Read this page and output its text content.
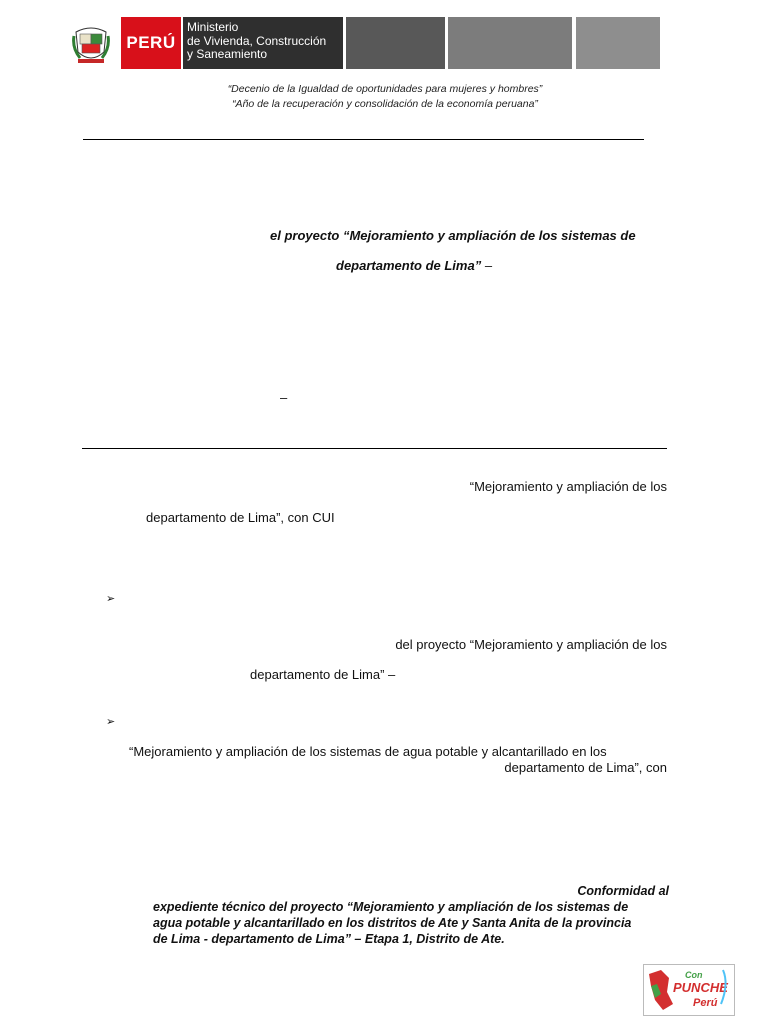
PERÚ
Ministerio
de Vivienda, Construcción
y Saneamiento
“Decenio de la Igualdad de oportunidades para mujeres y hombres”
“Año de la recuperación y consolidación de la economía peruana”
el proyecto “Mejoramiento y ampliación de los sistemas de
departamento de Lima” –
–
“Mejoramiento y ampliación de los
departamento de Lima”, con CUI
➢
del proyecto “Mejoramiento y ampliación de los
departamento de Lima” –
➢
“Mejoramiento y ampliación de los sistemas de agua potable y alcantarillado en los
departamento de Lima”, con
Conformidad al
expediente técnico del proyecto “Mejoramiento y ampliación de los sistemas de
agua potable y alcantarillado en los distritos de Ate y Santa Anita de la provincia
de Lima - departamento de Lima” – Etapa 1, Distrito de Ate.
Con
PUNCHE
Perú
